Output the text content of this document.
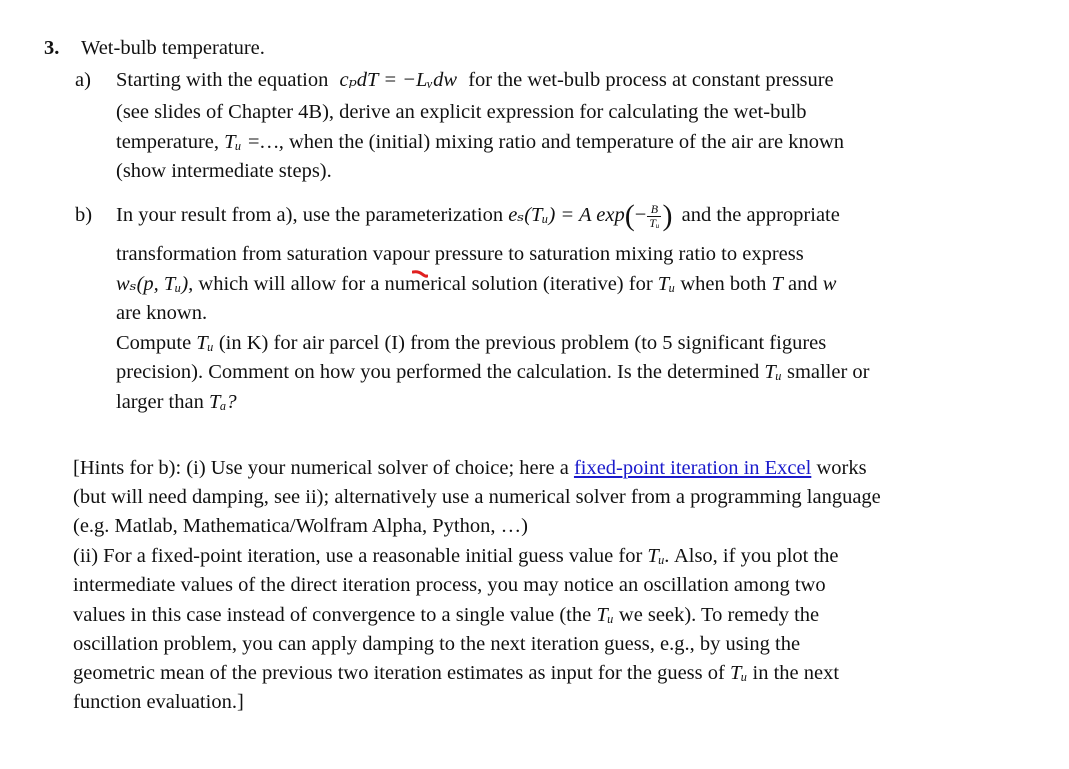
3. Wet-bulb temperature.
a) Starting with the equation cₚdT = −Lᵥdw for the wet-bulb process at constant pressure
(see slides of Chapter 4B), derive an explicit expression for calculating the wet-bulb
temperature, Tᵤ =…, when the (initial) mixing ratio and temperature of the air are known
(show intermediate steps).
b) In your result from a), use the parameterization eₛ(Tᵤ) = A $\exp(- \frac{B}{\text{Tᵤ}}$ ) and the appropriate
transformation from saturation vapour pressure to saturation mixing ratio to express
wₛ(p, Tᵤ), which will allow for a numerical solution (iterative) for Tᵤ when both T and w
are known.
Compute Tᵤ (in K) for air parcel (I) from the previous problem (to 5 significant figures
precision). Comment on how you performed the calculation. Is the determined Tᵤ smaller or
larger than Tₐ?
[Hints for b): (i) Use your numerical solver of choice; here a fixed-point iteration in Excel works
(but will need damping, see ii); alternatively use a numerical solver from a programming language
(e.g. Matlab, Mathematica/Wolfram Alpha, Python, …)
(ii) For a fixed-point iteration, use a reasonable initial guess value for Tᵤ. Also, if you plot the
intermediate values of the direct iteration process, you may notice an oscillation among two
values in this case instead of convergence to a single value (the Tᵤ we seek). To remedy the
oscillation problem, you can apply damping to the next iteration guess, e.g., by using the
geometric mean of the previous two iteration estimates as input for the guess of Tᵤ in the next
function evaluation.]
